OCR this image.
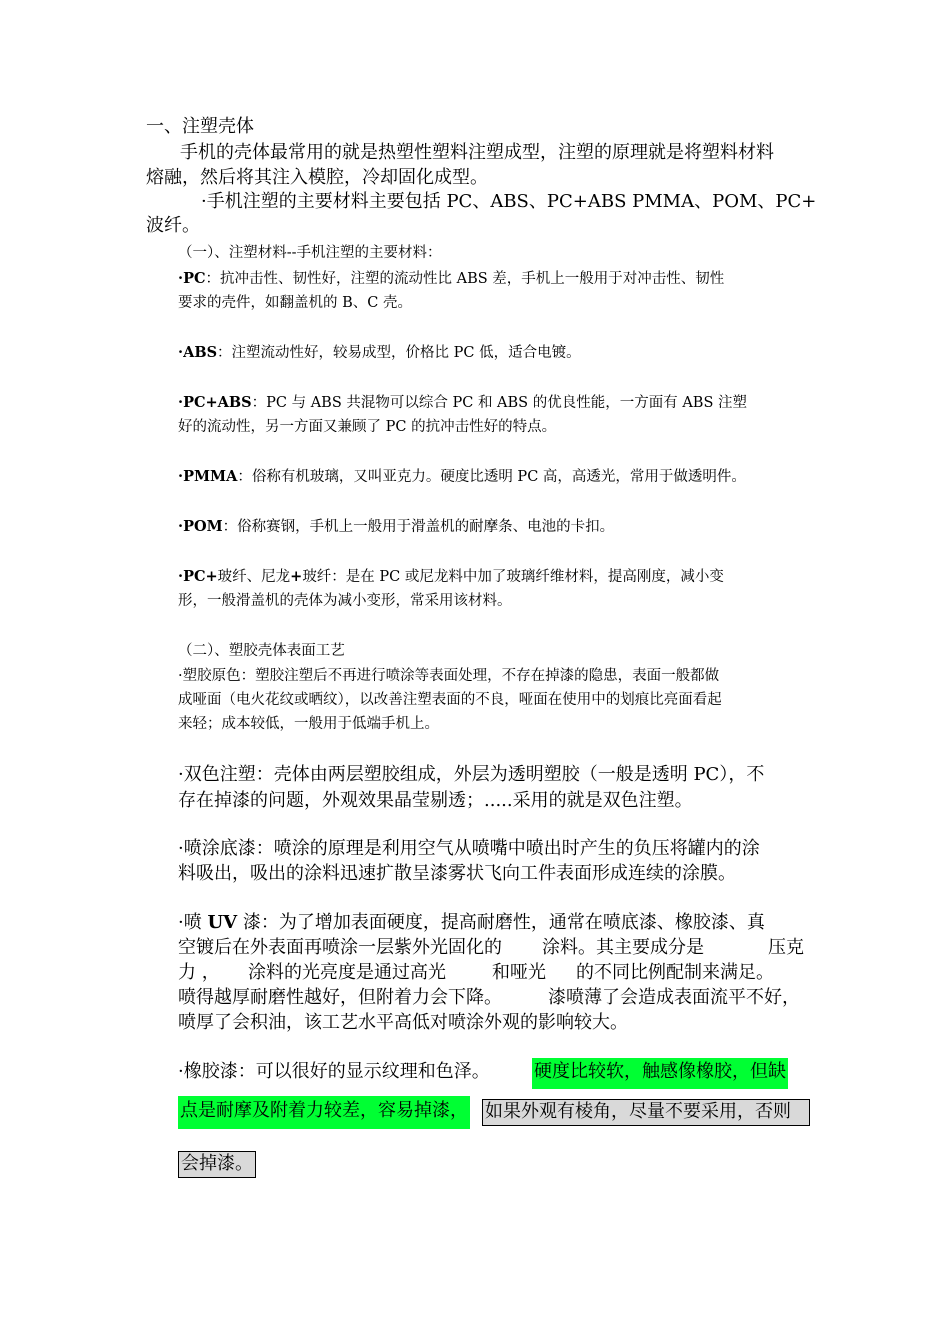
一、注塑壳体
手机的壳体最常用的就是热塑性塑料注塑成型，注塑的原理就是将塑料材料
熔融，然后将其注入模腔，冷却固化成型。
·手机注塑的主要材料主要包括 PC、ABS、PC+ABS PMMA、POM、PC+
波纤。
（一）、注塑材料--手机注塑的主要材料：
·PC：抗冲击性、韧性好，注塑的流动性比 ABS 差，手机上一般用于对冲击性、韧性
要求的壳件，如翻盖机的 B、C 壳。
·ABS：注塑流动性好，较易成型，价格比 PC 低，适合电镀。
·PC+ABS：PC 与 ABS 共混物可以综合 PC 和 ABS 的优良性能，一方面有 ABS 注塑
好的流动性，另一方面又兼顾了 PC 的抗冲击性好的特点。
·PMMA：俗称有机玻璃，又叫亚克力。硬度比透明 PC 高，高透光，常用于做透明件。
·POM：俗称赛钢，手机上一般用于滑盖机的耐摩条、电池的卡扣。
·PC+玻纤、尼龙+玻纤：是在 PC 或尼龙料中加了玻璃纤维材料，提高刚度，减小变
形，一般滑盖机的壳体为减小变形，常采用该材料。
（二）、塑胶壳体表面工艺
·塑胶原色：塑胶注塑后不再进行喷涂等表面处理，不存在掉漆的隐患，表面一般都做
成哑面（电火花纹或晒纹），以改善注塑表面的不良，哑面在使用中的划痕比亮面看起
来轻；成本较低，一般用于低端手机上。
·双色注塑：壳体由两层塑胶组成，外层为透明塑胶（一般是透明 PC），不
存在掉漆的问题，外观效果晶莹剔透；.....采用的就是双色注塑。
·喷涂底漆：喷涂的原理是利用空气从喷嘴中喷出时产生的负压将罐内的涂
料吸出，吸出的涂料迅速扩散呈漆雾状飞向工件表面形成连续的涂膜。
·喷 UV 漆：为了增加表面硬度，提高耐磨性，通常在喷底漆、橡胶漆、真
空镀后在外表面再喷涂一层紫外光固化的 涂料。其主要成分是	压克
力 ， 涂料的光亮度是通过高光	和哑光 的不同比例配制来满足。
喷得越厚耐磨性越好，但附着力会下降。	漆喷薄了会造成表面流平不好，
喷厚了会积油，该工艺水平高低对喷涂外观的影响较大。
·橡胶漆：可以很好的显示纹理和色泽。 硬度比较软，触感像橡胶，但缺
点是耐摩及附着力较差，容易掉漆， 如果外观有棱角，尽量不要采用，否则
会掉漆。
